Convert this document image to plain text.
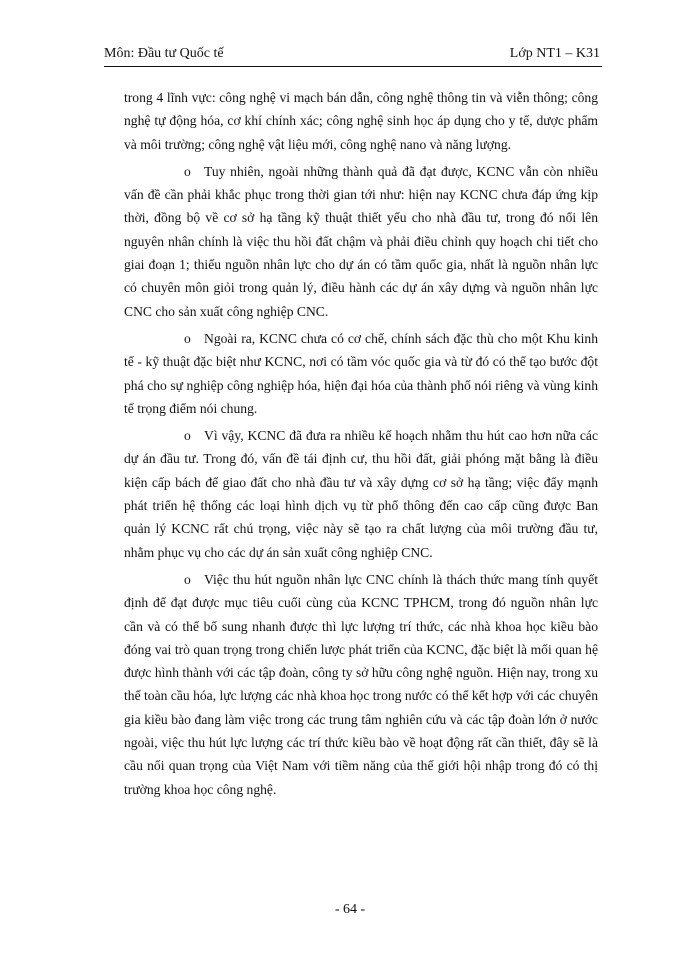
Môn: Đầu tư Quốc tế	Lớp NT1 – K31

trong 4 lĩnh vực: công nghệ vi mạch bán dẫn, công nghệ thông tin và viễn thông; công nghệ tự động hóa, cơ khí chính xác; công nghệ sinh học áp dụng cho y tế, dược phẩm và môi trường; công nghệ vật liệu mới, công nghệ nano và năng lượng.

o Tuy nhiên, ngoài những thành quả đã đạt được, KCNC vẫn còn nhiều vấn đề cần phải khắc phục trong thời gian tới như: hiện nay KCNC chưa đáp ứng kịp thời, đồng bộ về cơ sở hạ tầng kỹ thuật thiết yếu cho nhà đầu tư, trong đó nổi lên nguyên nhân chính là việc thu hồi đất chậm và phải điều chỉnh quy hoạch chi tiết cho giai đoạn 1; thiếu nguồn nhân lực cho dự án có tầm quốc gia, nhất là nguồn nhân lực có chuyên môn giỏi trong quản lý, điều hành các dự án xây dựng và nguồn nhân lực CNC cho sản xuất công nghiệp CNC.

o Ngoài ra, KCNC chưa có cơ chế, chính sách đặc thù cho một Khu kinh tế - kỹ thuật đặc biệt như KCNC, nơi có tầm vóc quốc gia và từ đó có thể tạo bước đột phá cho sự nghiệp công nghiệp hóa, hiện đại hóa của thành phố nói riêng và vùng kinh tế trọng điểm nói chung.

o Vì vậy, KCNC đã đưa ra nhiều kế hoạch nhằm thu hút cao hơn nữa các dự án đầu tư. Trong đó, vấn đề tái định cư, thu hồi đất, giải phóng mặt bằng là điều kiện cấp bách để giao đất cho nhà đầu tư và xây dựng cơ sở hạ tầng; việc đẩy mạnh phát triển hệ thống các loại hình dịch vụ từ phổ thông đến cao cấp cũng được Ban quản lý KCNC rất chú trọng, việc này sẽ tạo ra chất lượng của môi trường đầu tư, nhằm phục vụ cho các dự án sản xuất công nghiệp CNC.

o Việc thu hút nguồn nhân lực CNC chính là thách thức mang tính quyết định để đạt được mục tiêu cuối cùng của KCNC TPHCM, trong đó nguồn nhân lực cần và có thể bổ sung nhanh được thì lực lượng trí thức, các nhà khoa học kiều bào đóng vai trò quan trọng trong chiến lược phát triển của KCNC, đặc biệt là mối quan hệ được hình thành với các tập đoàn, công ty sở hữu công nghệ nguồn. Hiện nay, trong xu thế toàn cầu hóa, lực lượng các nhà khoa học trong nước có thể kết hợp với các chuyên gia kiều bào đang làm việc trong các trung tâm nghiên cứu và các tập đoàn lớn ở nước ngoài, việc thu hút lực lượng các trí thức kiều bào về hoạt động rất cần thiết, đây sẽ là cầu nối quan trọng của Việt Nam với tiềm năng của thế giới hội nhập trong đó có thị trường khoa học công nghệ.

- 64 -
